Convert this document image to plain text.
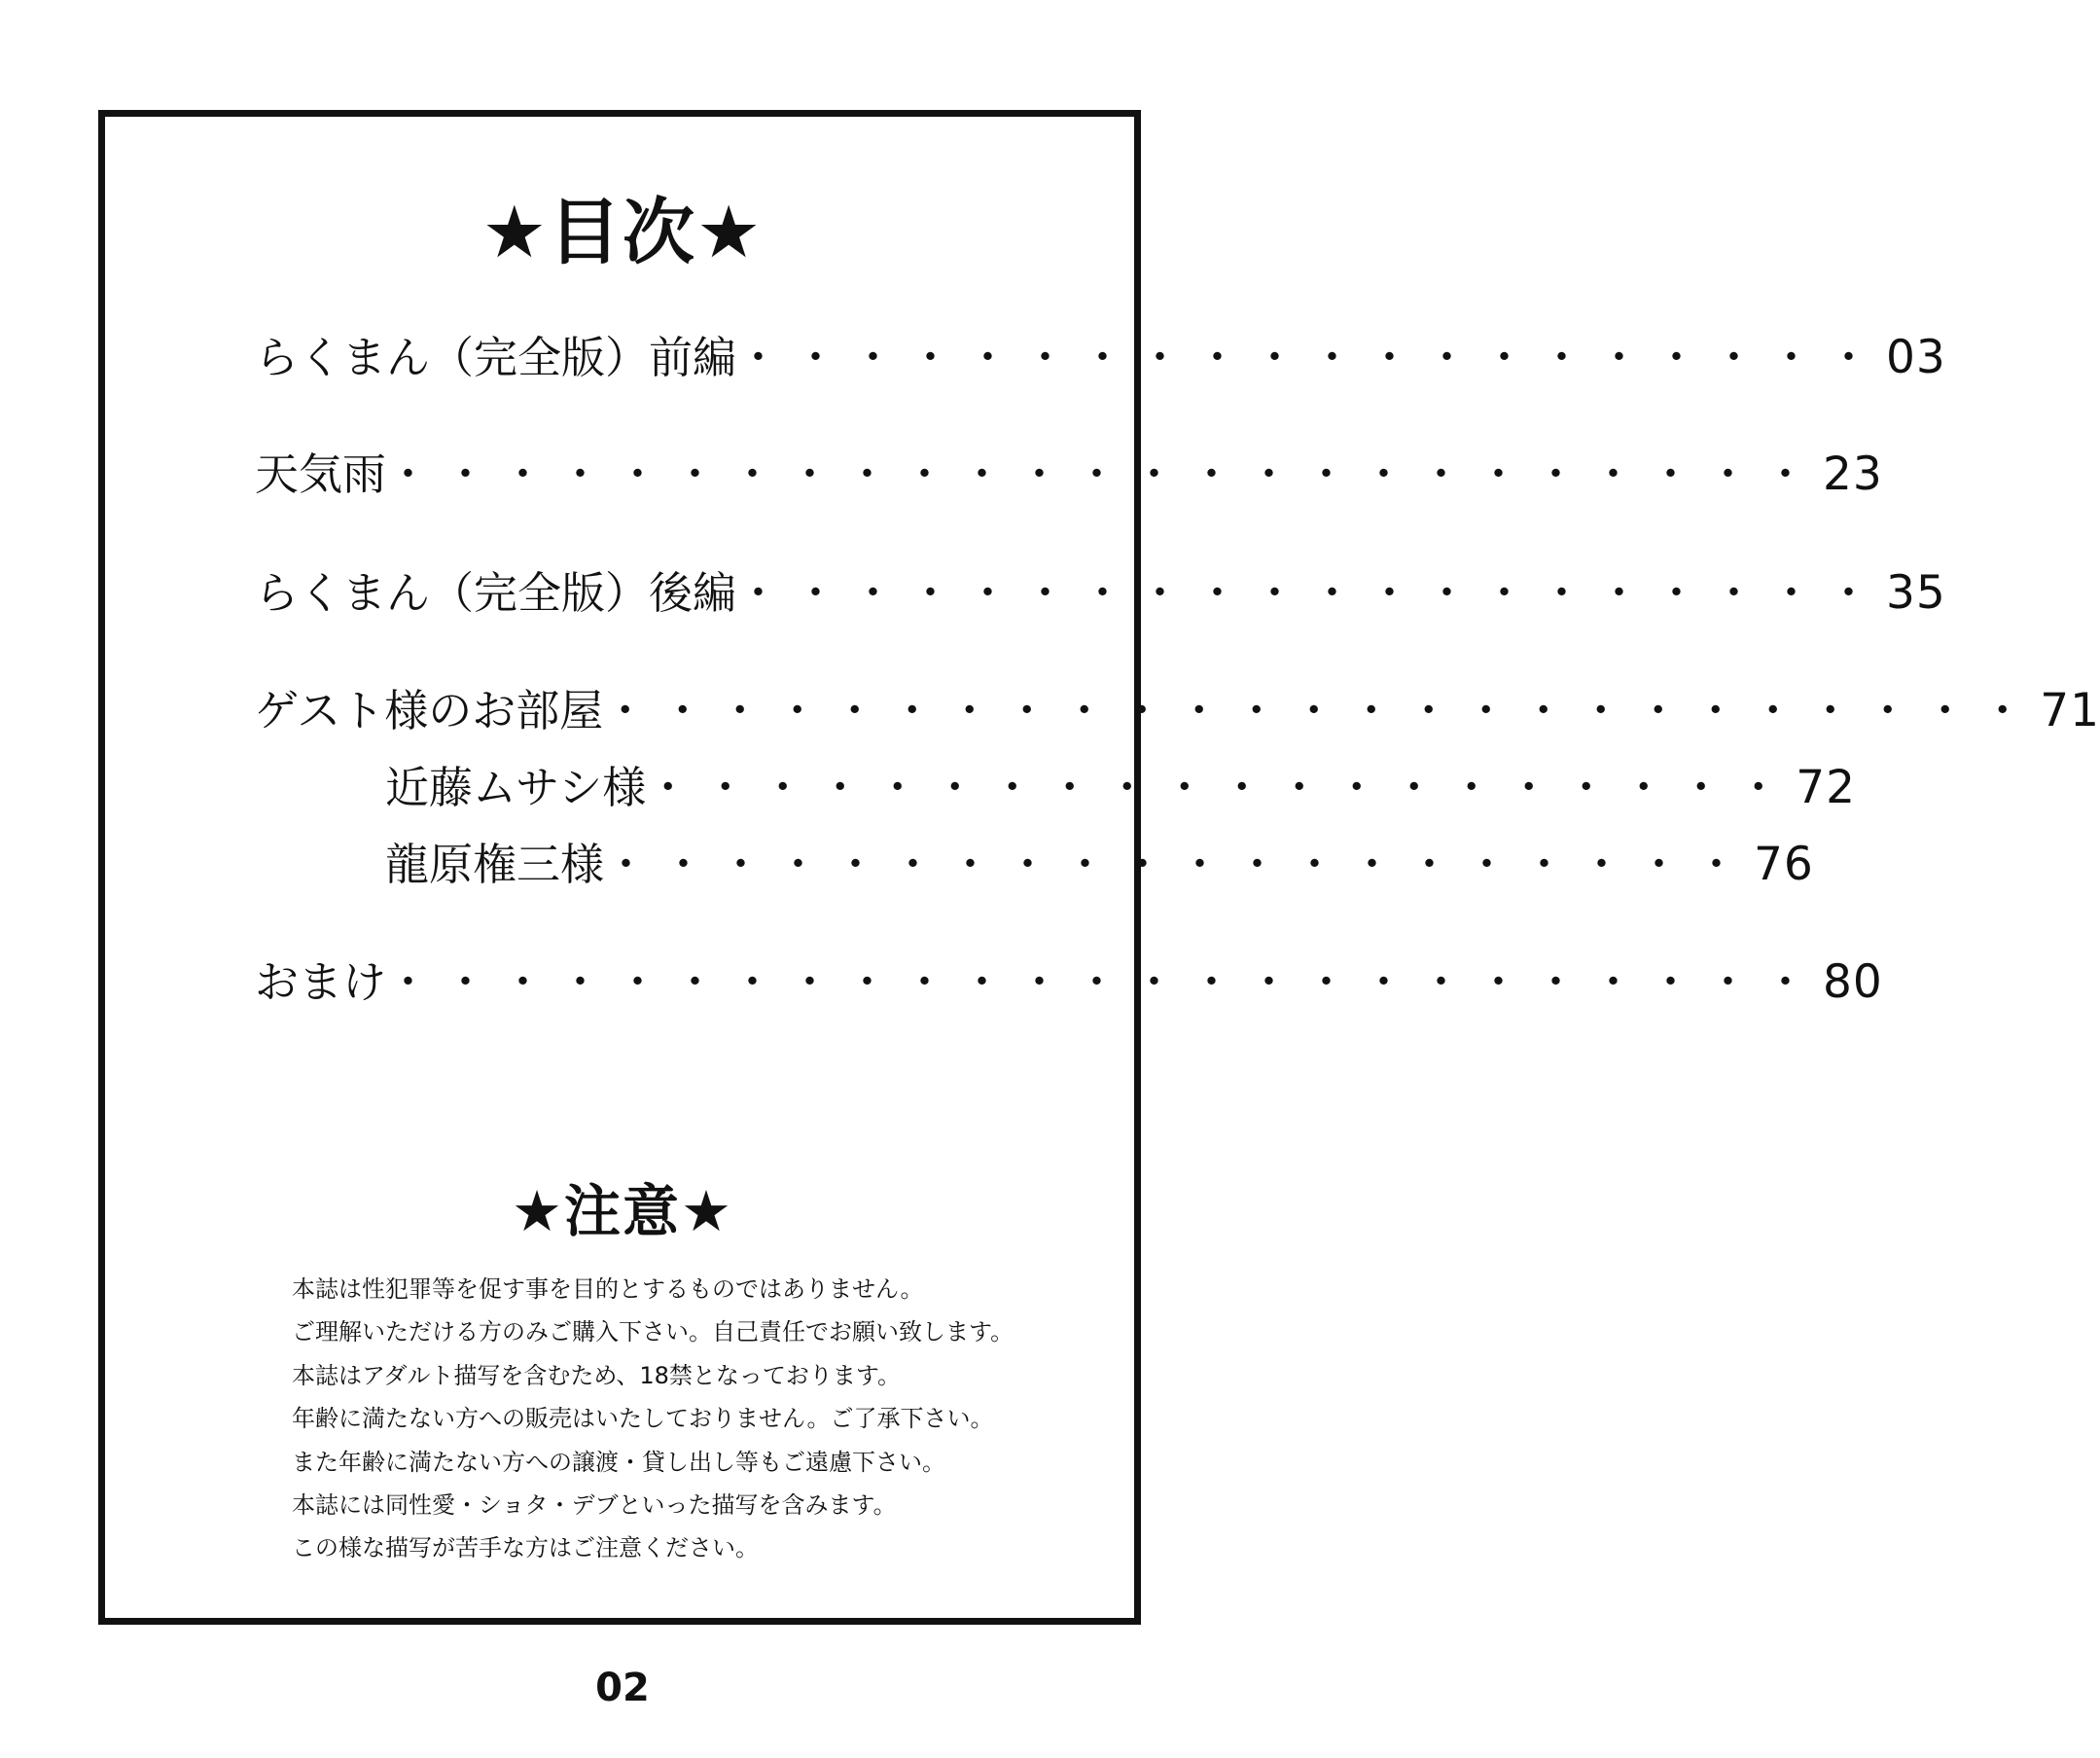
★目次★
らくまん（完全版）前編 ・・・・・・・・・・・・・・・・・・・・ 03
天気雨 ・・・・・・・・・・・・・・・・・・・・・・・・・ 23
らくまん（完全版）後編 ・・・・・・・・・・・・・・・・・・・・ 35
ゲスト様のお部屋 ・・・・・・・・・・・・・・・・・・・・・・・・・ 71
近藤ムサシ様 ・・・・・・・・・・・・・・・・・・・・ 72
龍原権三様 ・・・・・・・・・・・・・・・・・・・・ 76
おまけ ・・・・・・・・・・・・・・・・・・・・・・・・・ 80
★注意★
本誌は性犯罪等を促す事を目的とするものではありません。
ご理解いただける方のみご購入下さい。自己責任でお願い致します。
本誌はアダルト描写を含むため、18禁となっております。
年齢に満たない方への販売はいたしておりません。ご了承下さい。
また年齢に満たない方への譲渡・貸し出し等もご遠慮下さい。
本誌には同性愛・ショタ・デブといった描写を含みます。
この様な描写が苦手な方はご注意ください。
02
